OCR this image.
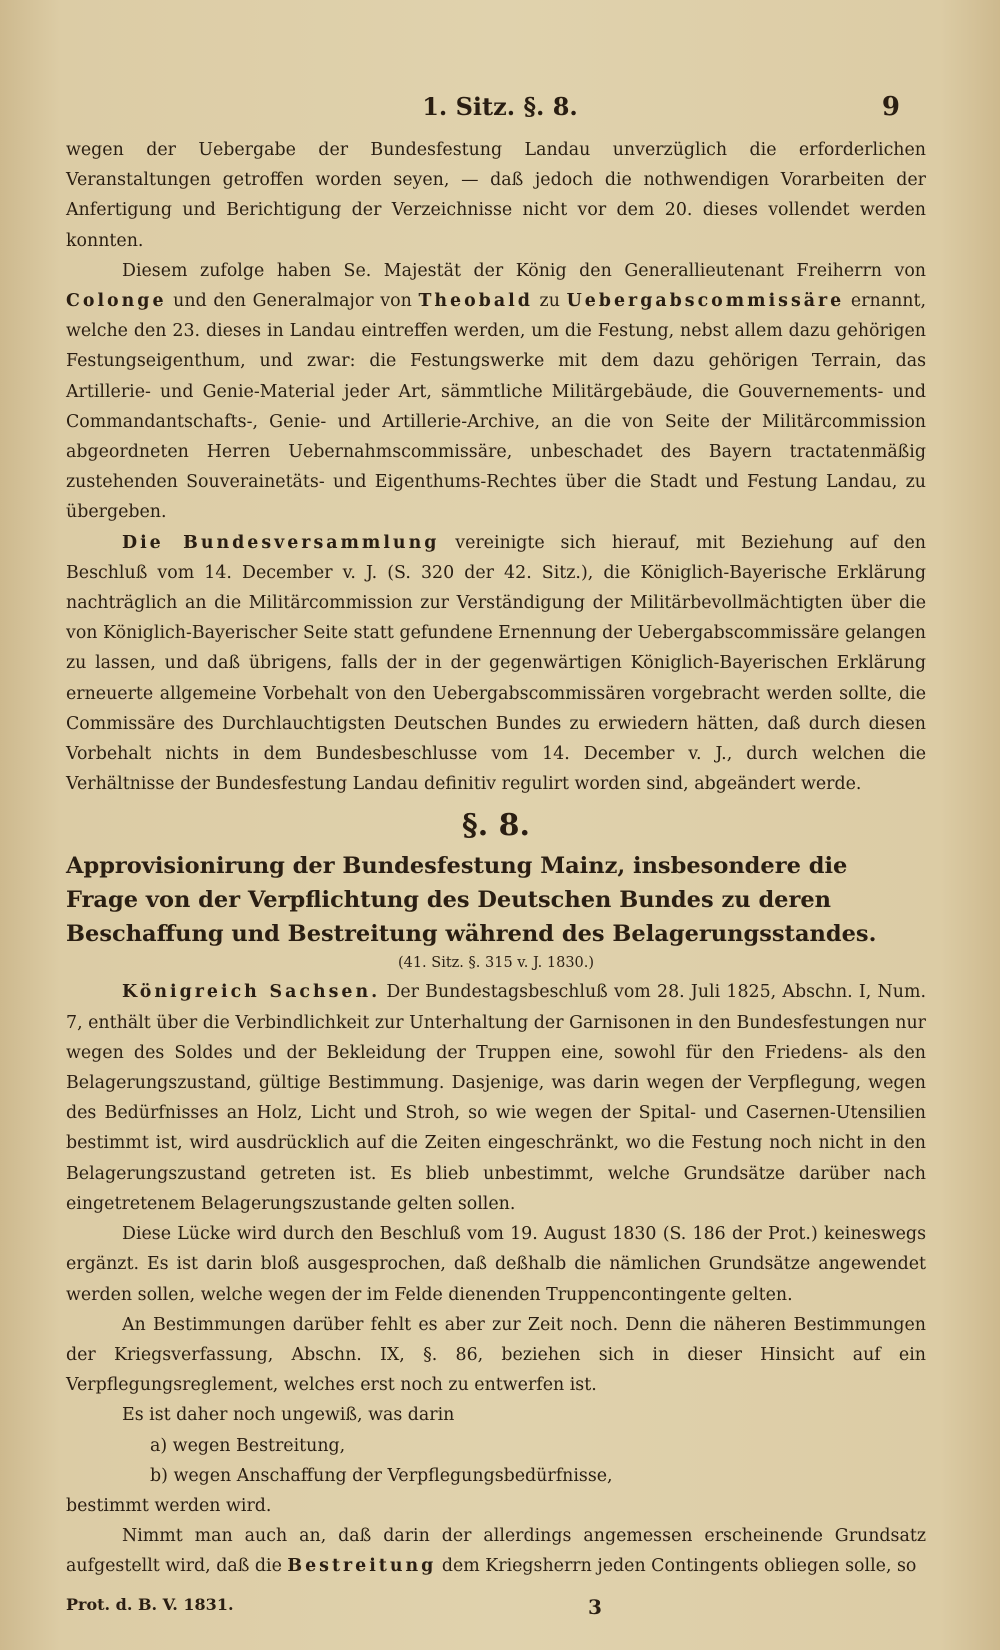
1. Sitz. §. 8.	9

wegen der Uebergabe der Bundesfestung Landau unverzüglich die erforderlichen Veranstaltungen getroffen worden seyen, — daß jedoch die nothwendigen Vorarbeiten der Anfertigung und Berichtigung der Verzeichnisse nicht vor dem 20. dieses vollendet werden konnten.

Diesem zufolge haben Se. Majestät der König den Generallieutenant Freiherrn von Colonge und den Generalmajor von Theobald zu Uebergabscommissäre ernannt, welche den 23. dieses in Landau eintreffen werden, um die Festung, nebst allem dazu gehörigen Festungseigenthum, und zwar: die Festungswerke mit dem dazu gehörigen Terrain, das Artillerie- und Genie-Material jeder Art, sämmtliche Militärgebäude, die Gouvernements- und Commandantschafts-, Genie- und Artillerie-Archive, an die von Seite der Militärcommission abgeordneten Herren Uebernahmscommissäre, unbeschadet des Bayern tractatenmäßig zustehenden Souverainetäts- und Eigenthums-Rechtes über die Stadt und Festung Landau, zu übergeben.

Die Bundesversammlung vereinigte sich hierauf, mit Beziehung auf den Beschluß vom 14. December v. J. (S. 320 der 42. Sitz.), die Königlich-Bayerische Erklärung nachträglich an die Militärcommission zur Verständigung der Militärbevollmächtigten über die von Königlich-Bayerischer Seite statt gefundene Ernennung der Uebergabscommissäre gelangen zu lassen, und daß übrigens, falls der in der gegenwärtigen Königlich-Bayerischen Erklärung erneuerte allgemeine Vorbehalt von den Uebergabscommissären vorgebracht werden sollte, die Commissäre des Durchlauchtigsten Deutschen Bundes zu erwiedern hätten, daß durch diesen Vorbehalt nichts in dem Bundesbeschlusse vom 14. December v. J., durch welchen die Verhältnisse der Bundesfestung Landau definitiv regulirt worden sind, abgeändert werde.

§. 8.
Approvisionirung der Bundesfestung Mainz, insbesondere die Frage von der Verpflichtung des Deutschen Bundes zu deren Beschaffung und Bestreitung während des Belagerungsstandes.
(41. Sitz. §. 315 v. J. 1830.)

Königreich Sachsen. Der Bundestagsbeschluß vom 28. Juli 1825, Abschn. I, Num. 7, enthält über die Verbindlichkeit zur Unterhaltung der Garnisonen in den Bundesfestungen nur wegen des Soldes und der Bekleidung der Truppen eine, sowohl für den Friedens- als den Belagerungszustand, gültige Bestimmung. Dasjenige, was darin wegen der Verpflegung, wegen des Bedürfnisses an Holz, Licht und Stroh, so wie wegen der Spital- und Casernen-Utensilien bestimmt ist, wird ausdrücklich auf die Zeiten eingeschränkt, wo die Festung noch nicht in den Belagerungszustand getreten ist. Es blieb unbestimmt, welche Grundsätze darüber nach eingetretenem Belagerungszustande gelten sollen.

Diese Lücke wird durch den Beschluß vom 19. August 1830 (S. 186 der Prot.) keineswegs ergänzt. Es ist darin bloß ausgesprochen, daß deßhalb die nämlichen Grundsätze angewendet werden sollen, welche wegen der im Felde dienenden Truppencontingente gelten.

An Bestimmungen darüber fehlt es aber zur Zeit noch. Denn die näheren Bestimmungen der Kriegsverfassung, Abschn. IX, §. 86, beziehen sich in dieser Hinsicht auf ein Verpflegungsreglement, welches erst noch zu entwerfen ist.

Es ist daher noch ungewiß, was darin

a) wegen Bestreitung,

b) wegen Anschaffung der Verpflegungsbedürfnisse,

bestimmt werden wird.

Nimmt man auch an, daß darin der allerdings angemessen erscheinende Grundsatz aufgestellt wird, daß die Bestreitung dem Kriegsherrn jeden Contingents obliegen solle, so

Prot. d. B. V. 1831.	3
